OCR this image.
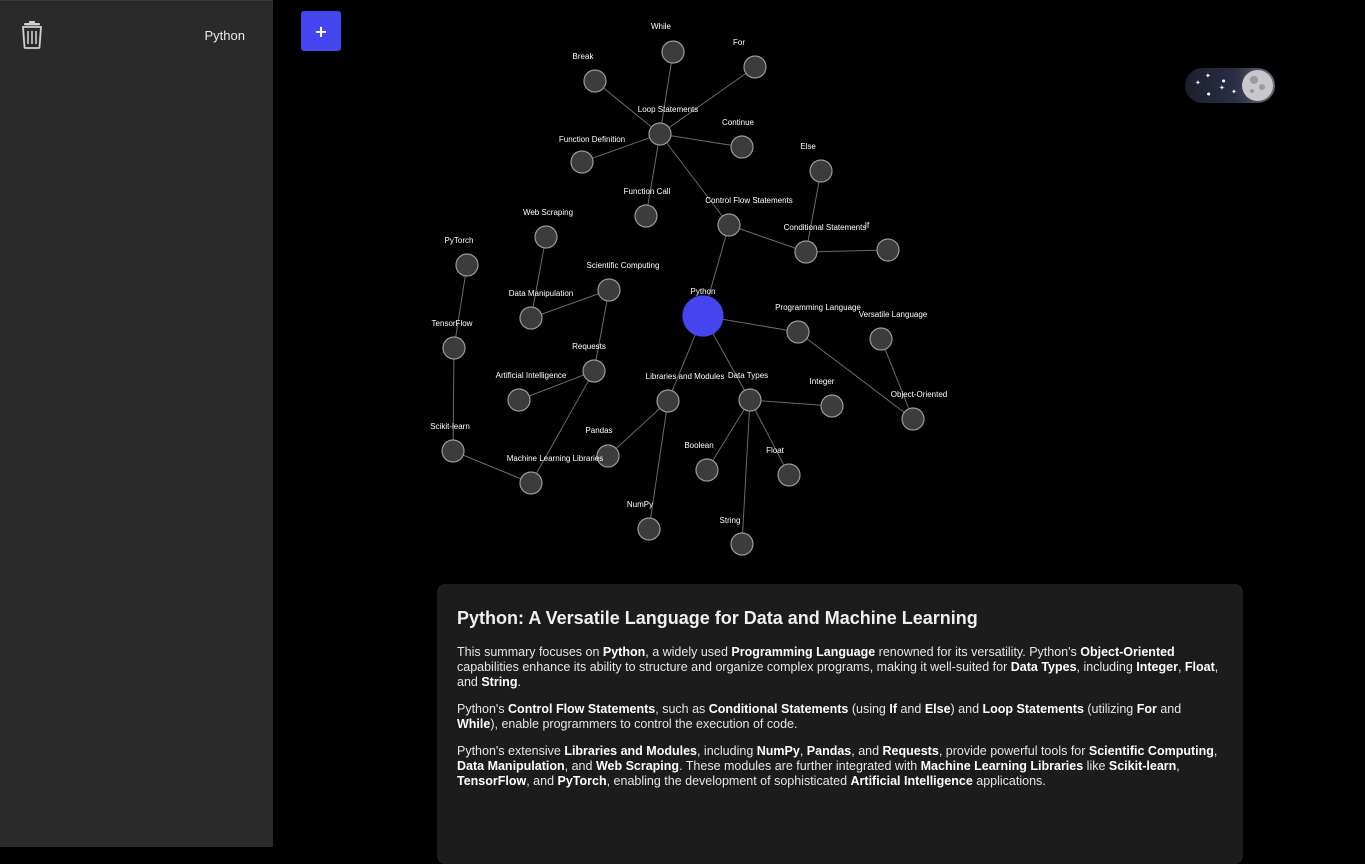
Python	+
Python
Control Flow Statements
Loop Statements
While
For
Break
Continue
Function Definition
Function Call
Conditional Statements
Else
If
Programming Language
Versatile Language
Object-Oriented
Data Types
Integer
Boolean
Float
String
Libraries and Modules
Pandas
NumPy
Requests
Scientific Computing
Data Manipulation
Web Scraping
Artificial Intelligence
Machine Learning Libraries
Scikit-learn
TensorFlow
PyTorch
✦
✦
●
✦
●
✦
Python: A Versatile Language for Data and Machine Learning

This summary focuses on Python, a widely used Programming Language renowned for its versatility. Python's Object-Oriented capabilities enhance its ability to structure and organize complex programs, making it well-suited for Data Types, including Integer, Float, and String.

Python's Control Flow Statements, such as Conditional Statements (using If and Else) and Loop Statements (utilizing For and While), enable programmers to control the execution of code.

Python's extensive Libraries and Modules, including NumPy, Pandas, and Requests, provide powerful tools for Scientific Computing, Data Manipulation, and Web Scraping. These modules are further integrated with Machine Learning Libraries like Scikit-learn, TensorFlow, and PyTorch, enabling the development of sophisticated Artificial Intelligence applications.
